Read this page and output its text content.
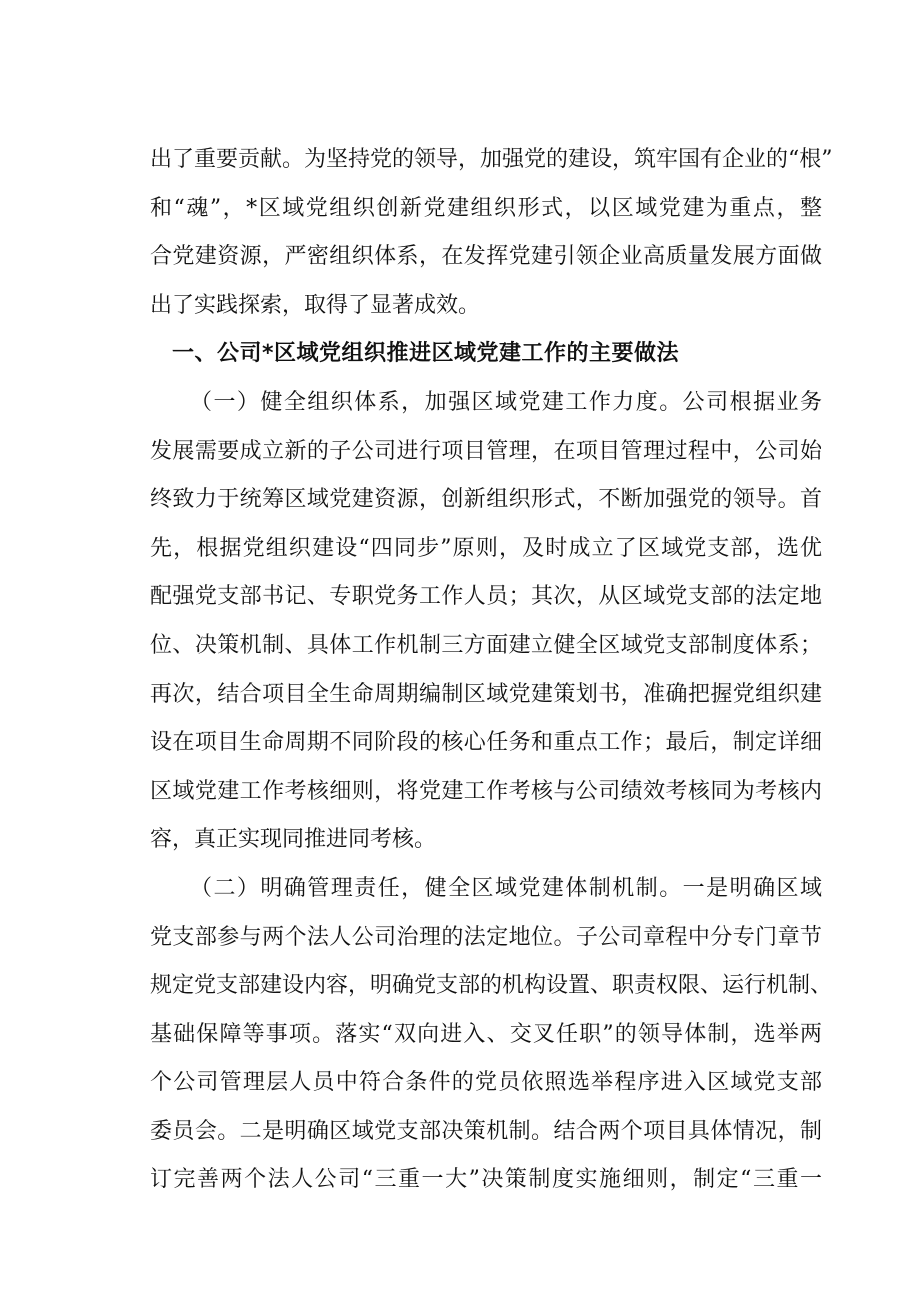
出了重要贡献。为坚持党的领导，加强党的建设，筑牢国有企业的“根”
和“魂”，*区域党组织创新党建组织形式，以区域党建为重点，整
合党建资源，严密组织体系，在发挥党建引领企业高质量发展方面做
出了实践探索，取得了显著成效。
一、公司*区域党组织推进区域党建工作的主要做法
（一）健全组织体系，加强区域党建工作力度。公司根据业务
发展需要成立新的子公司进行项目管理，在项目管理过程中，公司始
终致力于统筹区域党建资源，创新组织形式，不断加强党的领导。首
先，根据党组织建设“四同步”原则，及时成立了区域党支部，选优
配强党支部书记、专职党务工作人员；其次，从区域党支部的法定地
位、决策机制、具体工作机制三方面建立健全区域党支部制度体系；
再次，结合项目全生命周期编制区域党建策划书，准确把握党组织建
设在项目生命周期不同阶段的核心任务和重点工作；最后，制定详细
区域党建工作考核细则，将党建工作考核与公司绩效考核同为考核内
容，真正实现同推进同考核。
（二）明确管理责任，健全区域党建体制机制。一是明确区域
党支部参与两个法人公司治理的法定地位。子公司章程中分专门章节
规定党支部建设内容，明确党支部的机构设置、职责权限、运行机制、
基础保障等事项。落实“双向进入、交叉任职”的领导体制，选举两
个公司管理层人员中符合条件的党员依照选举程序进入区域党支部
委员会。二是明确区域党支部决策机制。结合两个项目具体情况，制
订完善两个法人公司“三重一大”决策制度实施细则，制定“三重一
